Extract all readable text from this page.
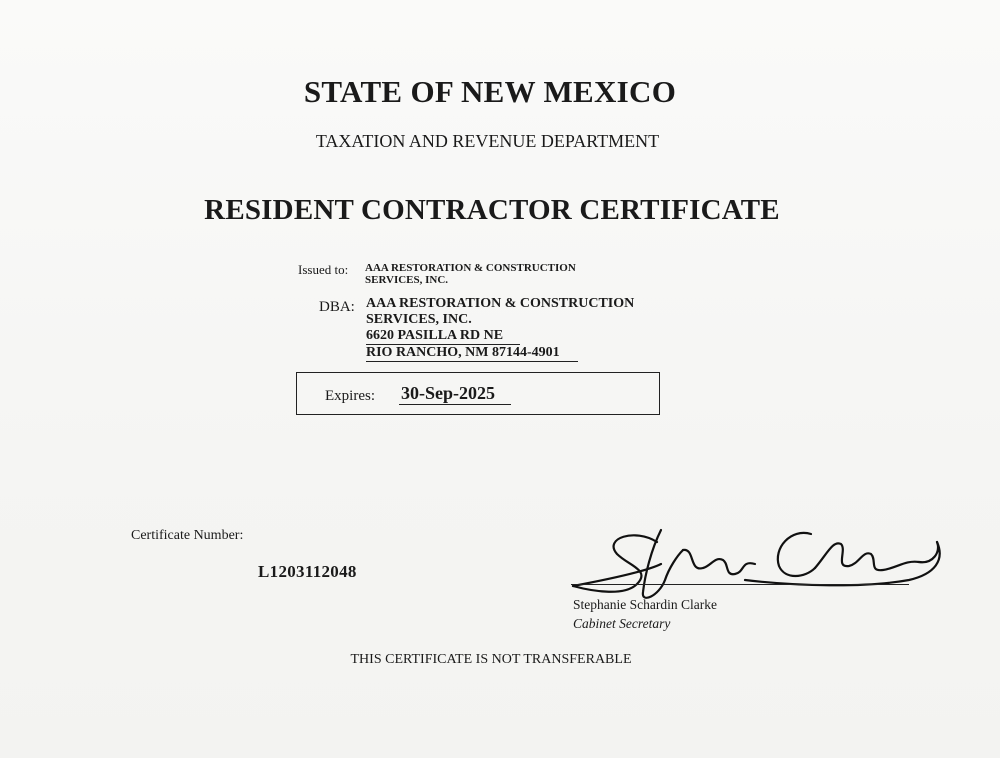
STATE OF NEW MEXICO
TAXATION AND REVENUE DEPARTMENT
RESIDENT CONTRACTOR CERTIFICATE
Issued to: AAA RESTORATION & CONSTRUCTION
SERVICES, INC.
DBA: AAA RESTORATION & CONSTRUCTION
SERVICES, INC.
6620 PASILLA RD NE
RIO RANCHO, NM 87144-4901
Expires: 30-Sep-2025
Certificate Number:
L1203112048
Stephanie Schardin Clarke
Cabinet Secretary
THIS CERTIFICATE IS NOT TRANSFERABLE
